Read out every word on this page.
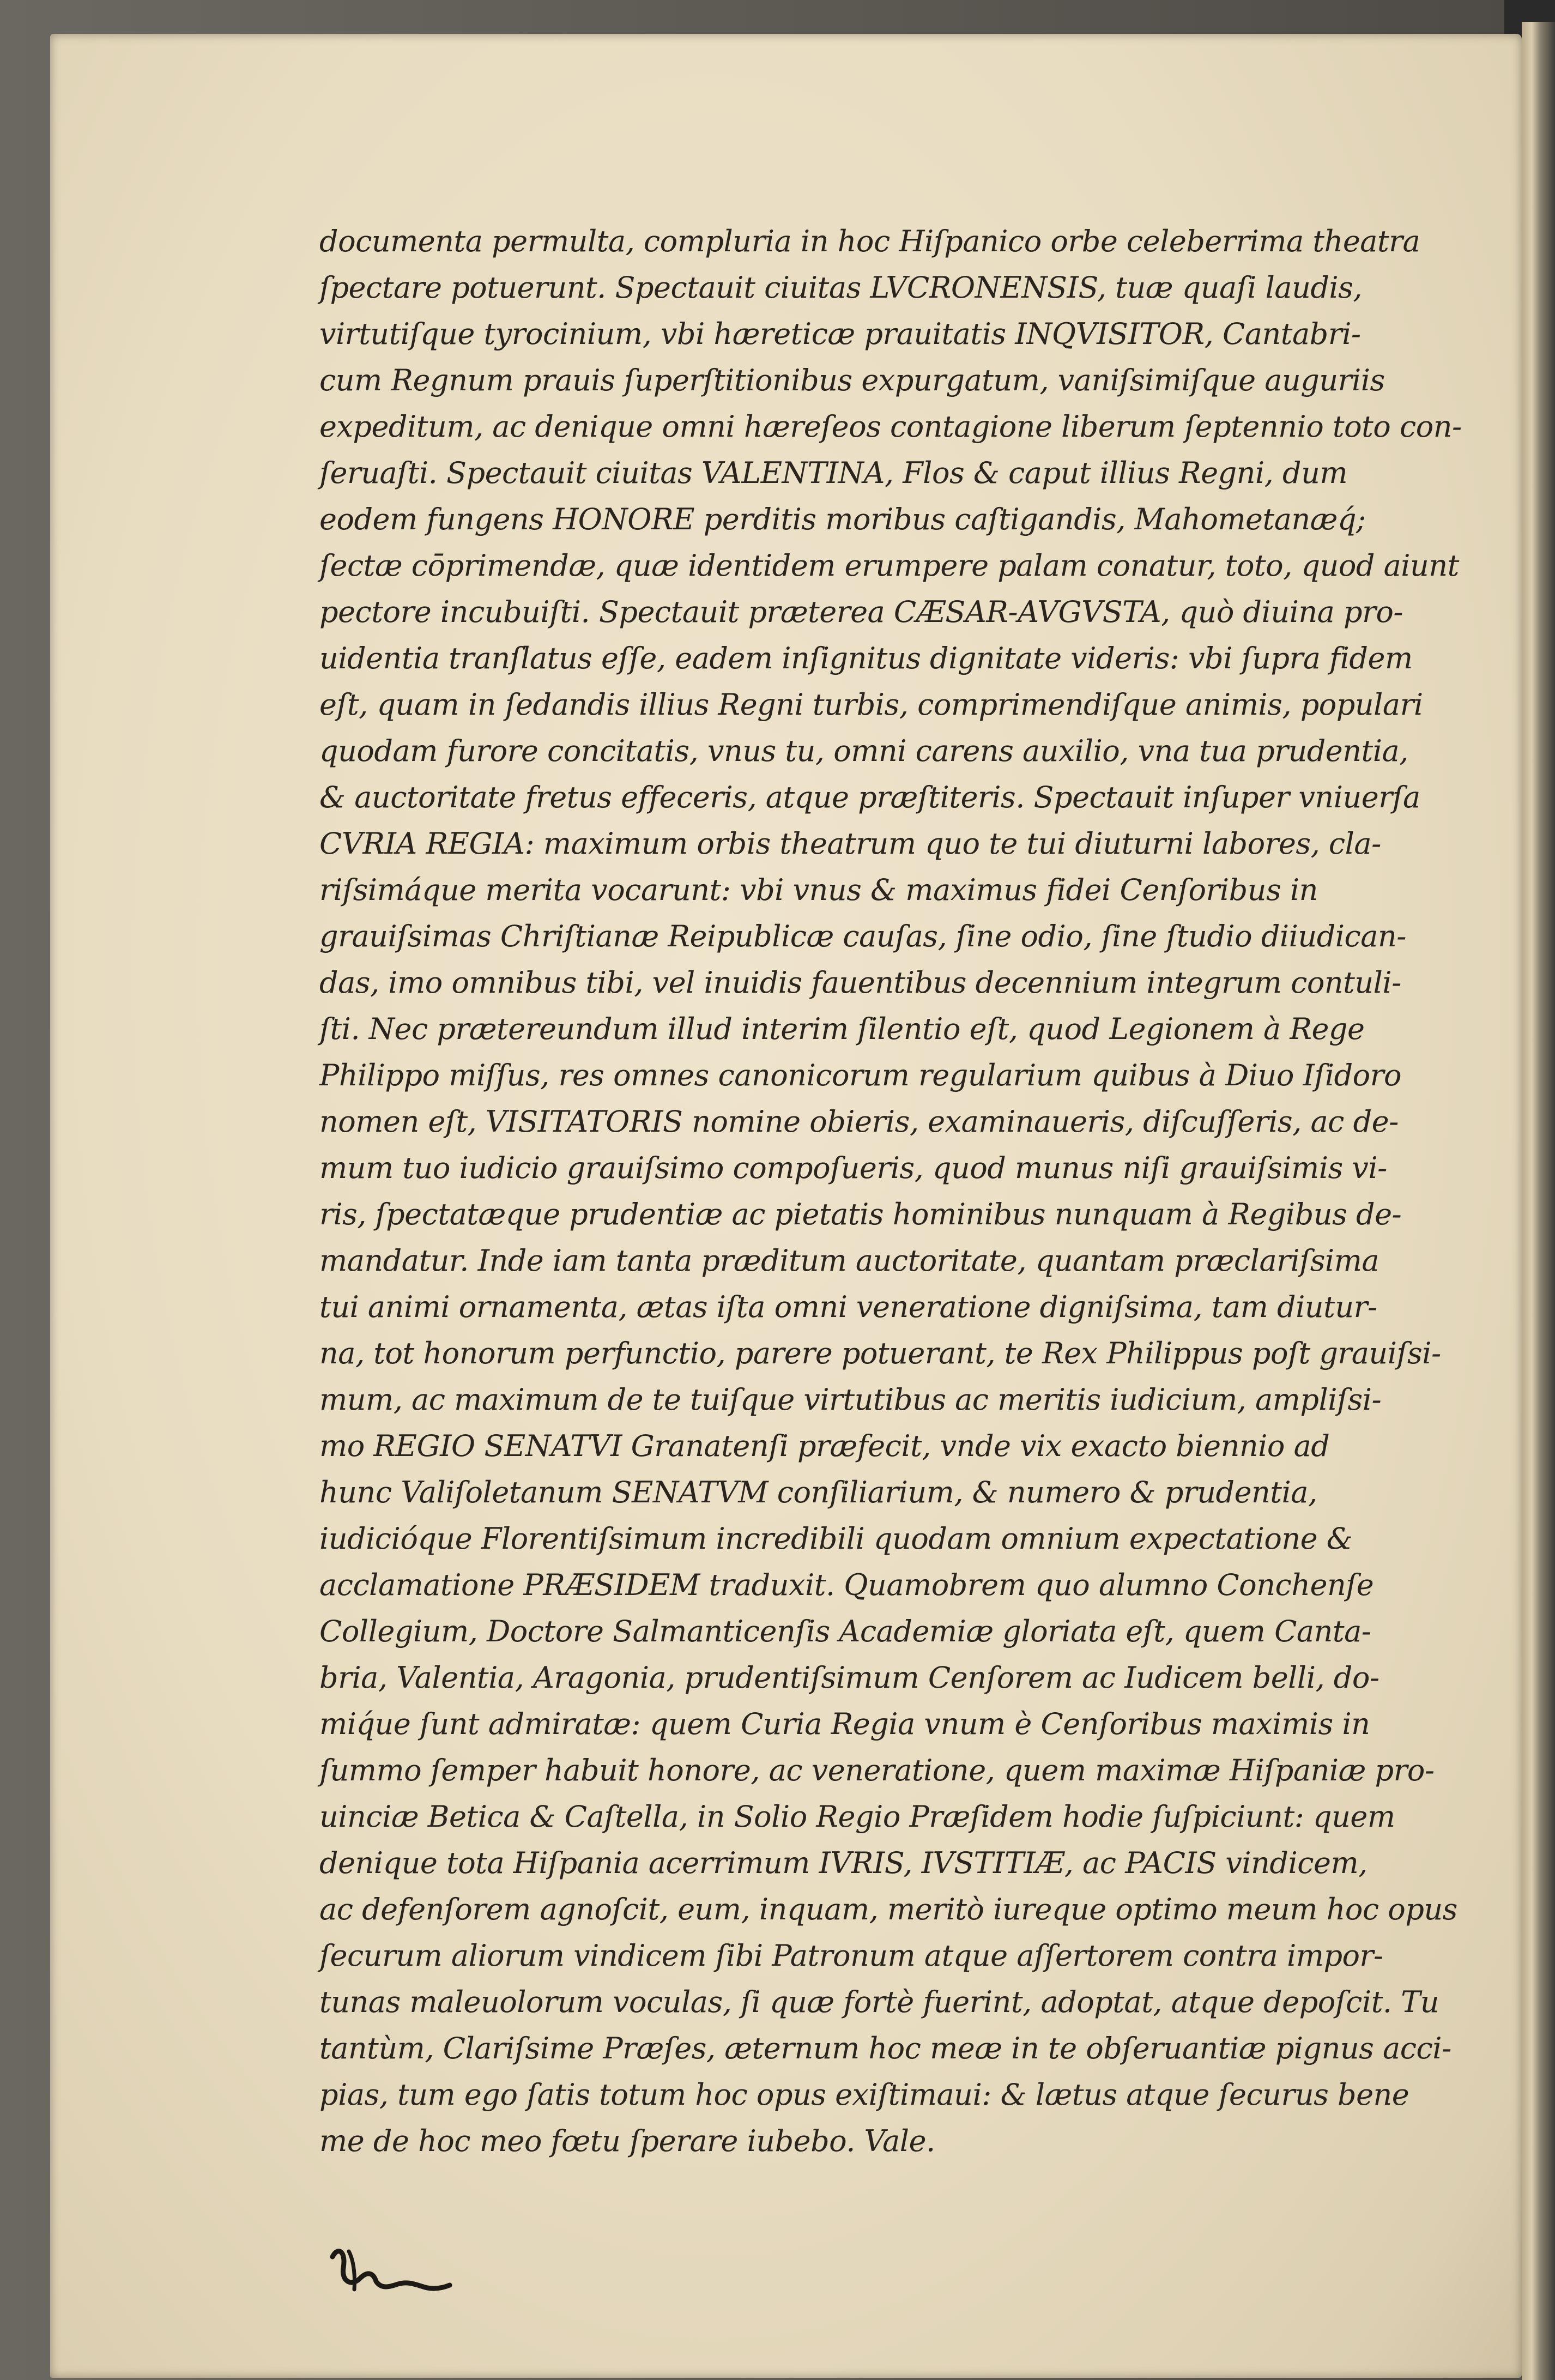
documenta permulta, compluria in hoc Hiſpanico orbe celeberrima theatra
ſpectare potuerunt. Spectauit ciuitas LVCRONENSIS, tuæ quaſi laudis,
virtutiſque tyrocinium, vbi hæreticæ prauitatis INQVISITOR, Cantabri-
cum Regnum prauis ſuperſtitionibus expurgatum, vaniſsimiſque auguriis
expeditum, ac denique omni hæreſeos contagione liberum ſeptennio toto con-
ſeruaſti. Spectauit ciuitas VALENTINA, Flos & caput illius Regni, dum
eodem fungens HONORE perditis moribus caſtigandis, Mahometanæq́;
ſectæ cōprimendæ, quæ identidem erumpere palam conatur, toto, quod aiunt
pectore incubuiſti. Spectauit præterea CÆSAR-AVGVSTA, quò diuina pro-
uidentia tranſlatus eſſe, eadem inſignitus dignitate videris: vbi ſupra fidem
eſt, quam in ſedandis illius Regni turbis, comprimendiſque animis, populari
quodam furore concitatis, vnus tu, omni carens auxilio, vna tua prudentia,
& auctoritate fretus effeceris, atque præſtiteris. Spectauit inſuper vniuerſa
CVRIA REGIA: maximum orbis theatrum quo te tui diuturni labores, cla-
riſsimáque merita vocarunt: vbi vnus & maximus fidei Cenſoribus in
grauiſsimas Chriſtianæ Reipublicæ cauſas, ſine odio, ſine ſtudio diiudican-
das, imo omnibus tibi, vel inuidis fauentibus decennium integrum contuli-
ſti. Nec prætereundum illud interim ſilentio eſt, quod Legionem à Rege
Philippo miſſus, res omnes canonicorum regularium quibus à Diuo Iſidoro
nomen eſt, VISITATORIS nomine obieris, examinaueris, diſcuſſeris, ac de-
mum tuo iudicio grauiſsimo compoſueris, quod munus niſi grauiſsimis vi-
ris, ſpectatæque prudentiæ ac pietatis hominibus nunquam à Regibus de-
mandatur. Inde iam tanta præditum auctoritate, quantam præclariſsima
tui animi ornamenta, ætas iſta omni veneratione digniſsima, tam diutur-
na, tot honorum perfunctio, parere potuerant, te Rex Philippus poſt grauiſsi-
mum, ac maximum de te tuiſque virtutibus ac meritis iudicium, ampliſsi-
mo REGIO SENATVI Granatenſi præfecit, vnde vix exacto biennio ad
hunc Valiſoletanum SENATVM conſiliarium, & numero & prudentia,
iudicióque Florentiſsimum incredibili quodam omnium expectatione &
acclamatione PRÆSIDEM traduxit. Quamobrem quo alumno Conchenſe
Collegium, Doctore Salmanticenſis Academiæ gloriata eſt, quem Canta-
bria, Valentia, Aragonia, prudentiſsimum Cenſorem ac Iudicem belli, do-
miq́ue ſunt admiratæ: quem Curia Regia vnum è Cenſoribus maximis in
ſummo ſemper habuit honore, ac veneratione, quem maximæ Hiſpaniæ pro-
uinciæ Betica & Caſtella, in Solio Regio Præſidem hodie ſuſpiciunt: quem
denique tota Hiſpania acerrimum IVRIS, IVSTITIÆ, ac PACIS vindicem,
ac defenſorem agnoſcit, eum, inquam, meritò iureque optimo meum hoc opus
ſecurum aliorum vindicem ſibi Patronum atque aſſertorem contra impor-
tunas maleuolorum voculas, ſi quæ fortè fuerint, adoptat, atque depoſcit. Tu
tantùm, Clariſsime Præſes, æternum hoc meæ in te obſeruantiæ pignus acci-
pias, tum ego ſatis totum hoc opus exiſtimaui: & lætus atque ſecurus bene
me de hoc meo fœtu ſperare iubebo. Vale.
